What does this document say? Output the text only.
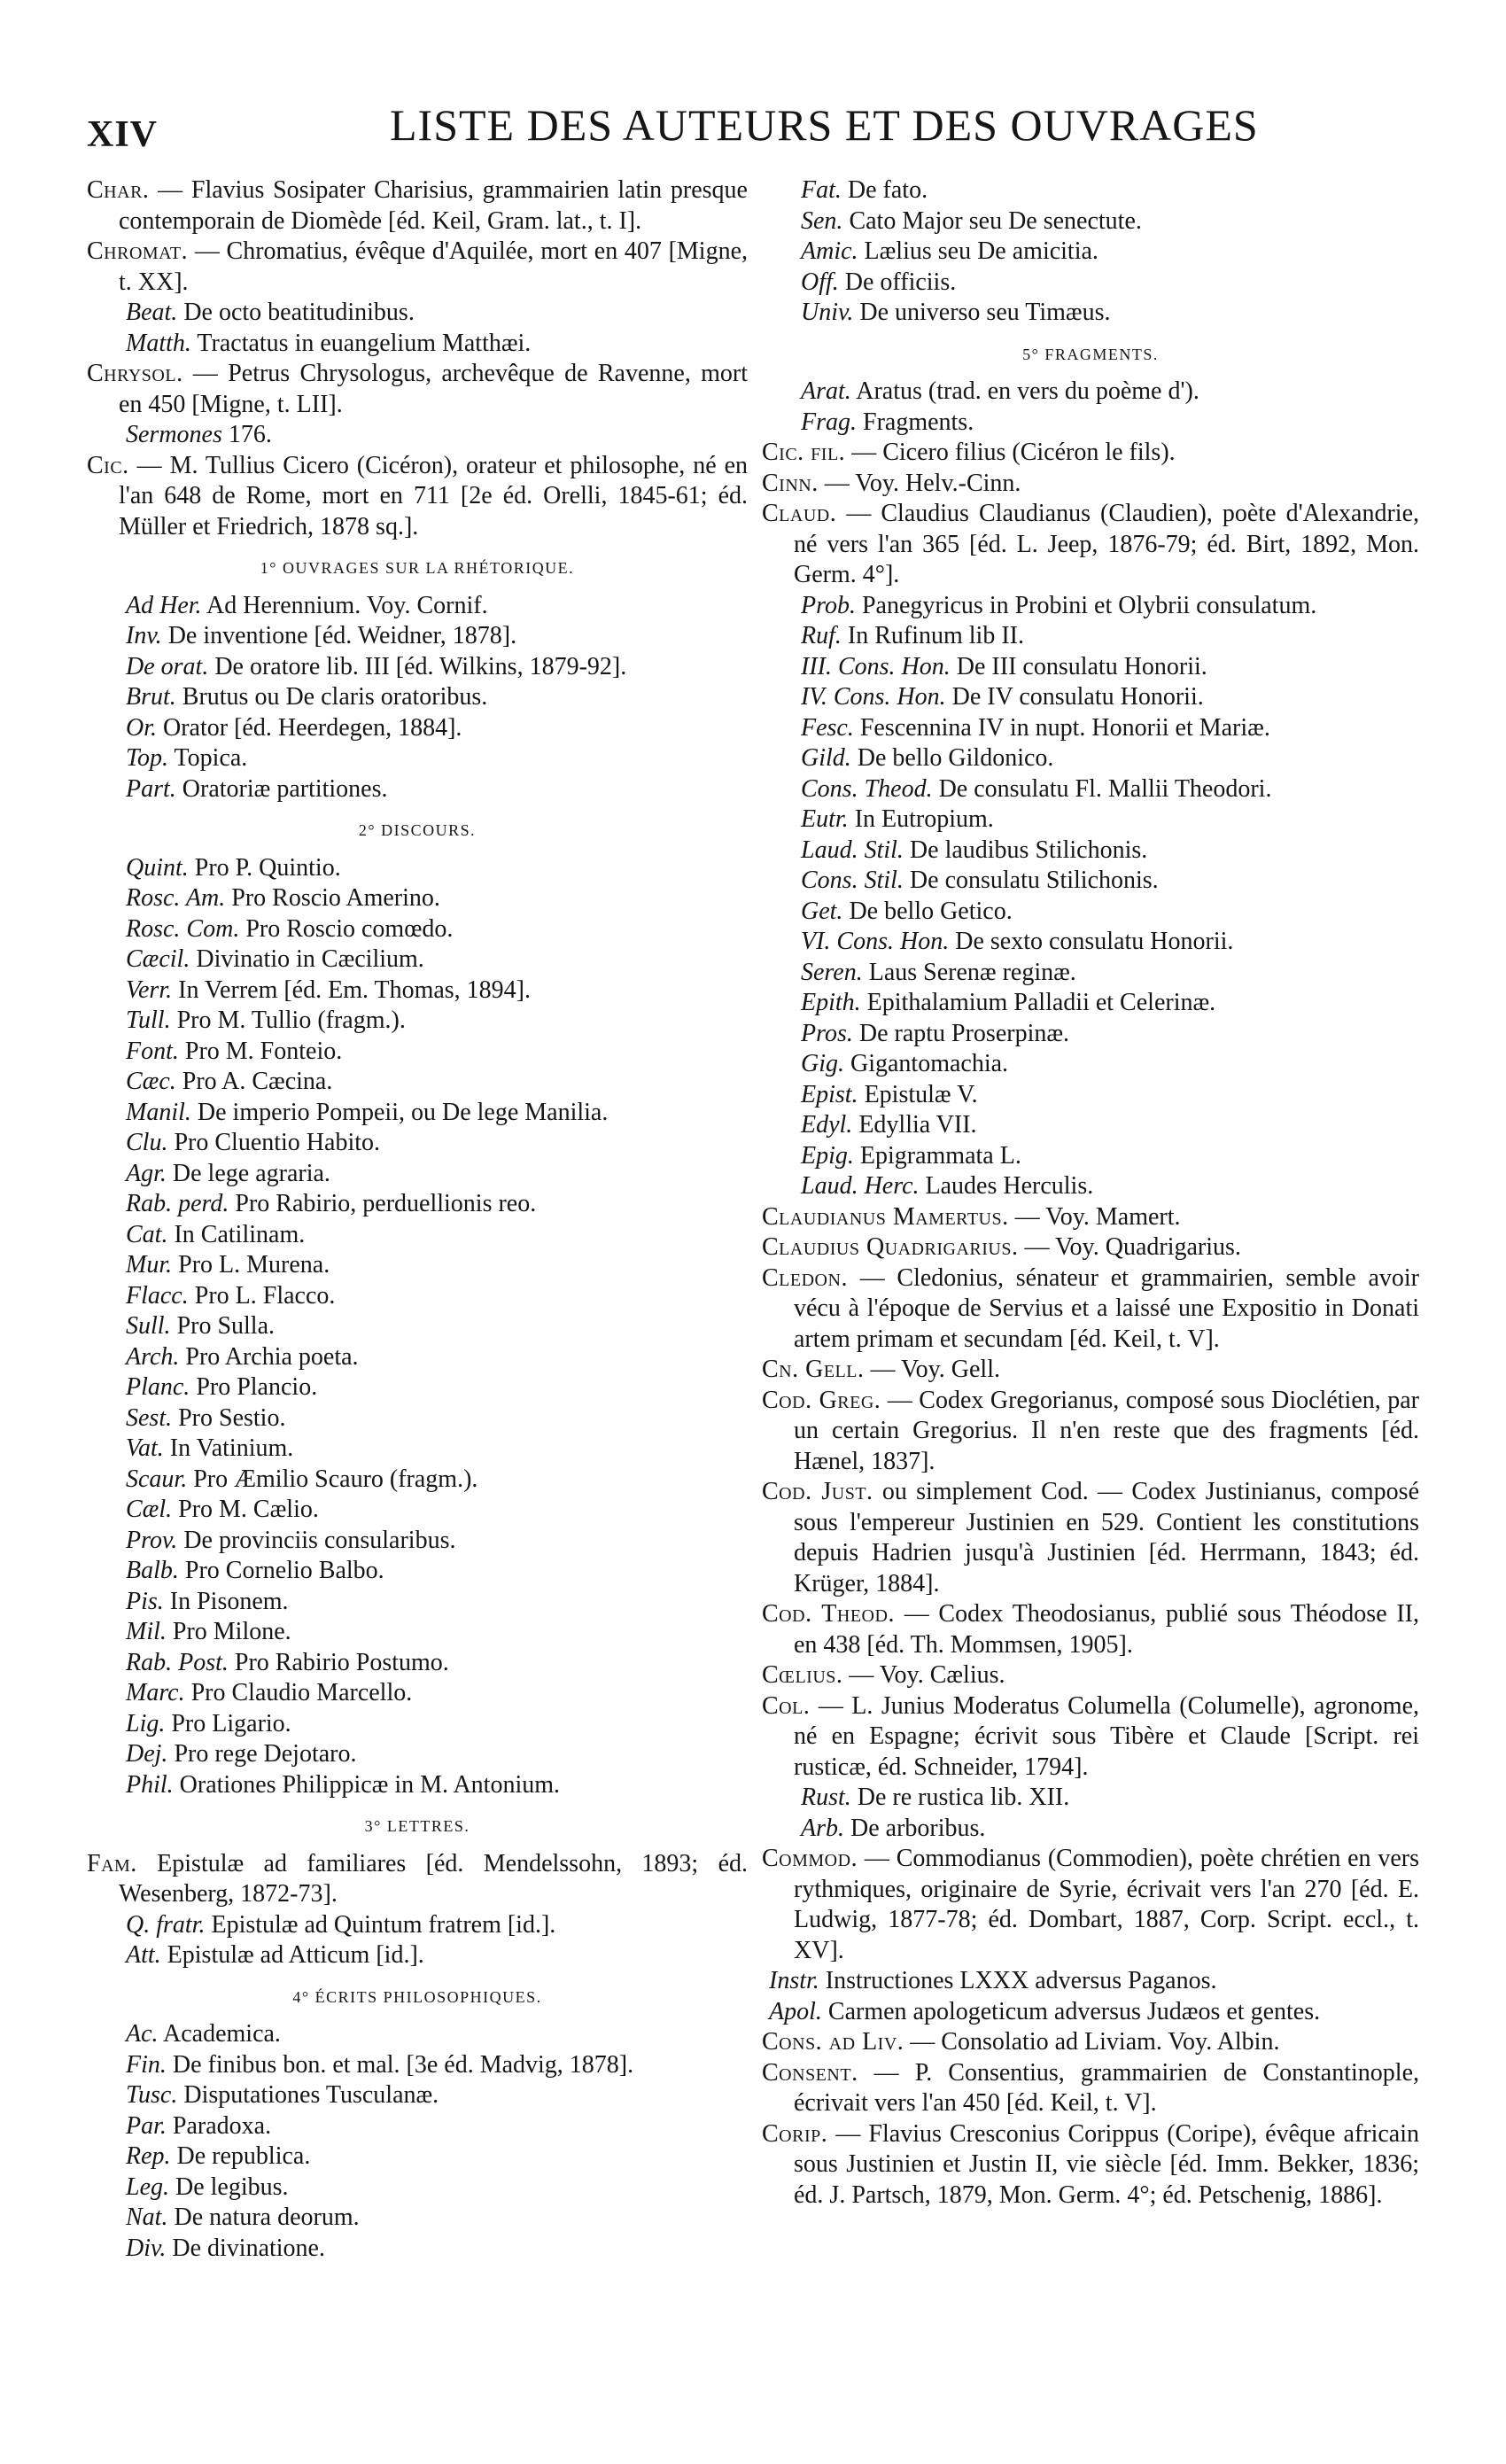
XIV	LISTE DES AUTEURS ET DES OUVRAGES
Char. — Flavius Sosipater Charisius, grammairien latin presque contemporain de Diomède [éd. Keil, Gram. lat., t. I].
Chromat. — Chromatius, évêque d'Aquilée, mort en 407 [Migne, t. XX].
Beat. De octo beatitudinibus.
Matth. Tractatus in euangelium Matthæi.
Chrysol. — Petrus Chrysologus, archevêque de Ravenne, mort en 450 [Migne, t. LII].
Sermones 176.
Cic. — M. Tullius Cicero (Cicéron), orateur et philosophe, né en l'an 648 de Rome, mort en 711 [2e éd. Orelli, 1845-61; éd. Müller et Friedrich, 1878 sq.].
1° OUVRAGES SUR LA RHÉTORIQUE.
Ad Her. Ad Herennium. Voy. Cornif.
Inv. De inventione [éd. Weidner, 1878].
De orat. De oratore lib. III [éd. Wilkins, 1879-92].
Brut. Brutus ou De claris oratoribus.
Or. Orator [éd. Heerdegen, 1884].
Top. Topica.
Part. Oratoriæ partitiones.
2° DISCOURS.
Quint. Pro P. Quintio.
Rosc. Am. Pro Roscio Amerino.
Rosc. Com. Pro Roscio comœdo.
Cæcil. Divinatio in Cæcilium.
Verr. In Verrem [éd. Em. Thomas, 1894].
Tull. Pro M. Tullio (fragm.).
Font. Pro M. Fonteio.
Cæc. Pro A. Cæcina.
Manil. De imperio Pompeii, ou De lege Manilia.
Clu. Pro Cluentio Habito.
Agr. De lege agraria.
Rab. perd. Pro Rabirio, perduellionis reo.
Cat. In Catilinam.
Mur. Pro L. Murena.
Flacc. Pro L. Flacco.
Sull. Pro Sulla.
Arch. Pro Archia poeta.
Planc. Pro Plancio.
Sest. Pro Sestio.
Vat. In Vatinium.
Scaur. Pro Æmilio Scauro (fragm.).
Cæl. Pro M. Cælio.
Prov. De provinciis consularibus.
Balb. Pro Cornelio Balbo.
Pis. In Pisonem.
Mil. Pro Milone.
Rab. Post. Pro Rabirio Postumo.
Marc. Pro Claudio Marcello.
Lig. Pro Ligario.
Dej. Pro rege Dejotaro.
Phil. Orationes Philippicæ in M. Antonium.
3° LETTRES.
Fam. Epistulæ ad familiares [éd. Mendelssohn, 1893; éd. Wesenberg, 1872-73].
Q. fratr. Epistulæ ad Quintum fratrem [id.].
Att. Epistulæ ad Atticum [id.].
4° ÉCRITS PHILOSOPHIQUES.
Ac. Academica.
Fin. De finibus bon. et mal. [3e éd. Madvig, 1878].
Tusc. Disputationes Tusculanæ.
Par. Paradoxa.
Rep. De republica.
Leg. De legibus.
Nat. De natura deorum.
Div. De divinatione.
Fat. De fato.
Sen. Cato Major seu De senectute.
Amic. Lælius seu De amicitia.
Off. De officiis.
Univ. De universo seu Timæus.
5° FRAGMENTS.
Arat. Aratus (trad. en vers du poème d').
Frag. Fragments.
Cic. fil. — Cicero filius (Cicéron le fils).
Cinn. — Voy. Helv.-Cinn.
Claud. — Claudius Claudianus (Claudien), poète d'Alexandrie, né vers l'an 365 [éd. L. Jeep, 1876-79; éd. Birt, 1892, Mon. Germ. 4°].
Prob. Panegyricus in Probini et Olybrii consulatum.
Ruf. In Rufinum lib II.
III. Cons. Hon. De III consulatu Honorii.
IV. Cons. Hon. De IV consulatu Honorii.
Fesc. Fescennina IV in nupt. Honorii et Mariæ.
Gild. De bello Gildonico.
Cons. Theod. De consulatu Fl. Mallii Theodori.
Eutr. In Eutropium.
Laud. Stil. De laudibus Stilichonis.
Cons. Stil. De consulatu Stilichonis.
Get. De bello Getico.
VI. Cons. Hon. De sexto consulatu Honorii.
Seren. Laus Serenæ reginæ.
Epith. Epithalamium Palladii et Celerinæ.
Pros. De raptu Proserpinæ.
Gig. Gigantomachia.
Epist. Epistulæ V.
Edyl. Edyllia VII.
Epig. Epigrammata L.
Laud. Herc. Laudes Herculis.
Claudianus Mamertus. — Voy. Mamert.
Claudius Quadrigarius. — Voy. Quadrigarius.
Cledon. — Cledonius, sénateur et grammairien, semble avoir vécu à l'époque de Servius et a laissé une Expositio in Donati artem primam et secundam [éd. Keil, t. V].
Cn. Gell. — Voy. Gell.
Cod. Greg. — Codex Gregorianus, composé sous Dioclétien, par un certain Gregorius. Il n'en reste que des fragments [éd. Hænel, 1837].
Cod. Just. ou simplement Cod. — Codex Justinianus, composé sous l'empereur Justinien en 529. Contient les constitutions depuis Hadrien jusqu'à Justinien [éd. Herrmann, 1843; éd. Krüger, 1884].
Cod. Theod. — Codex Theodosianus, publié sous Théodose II, en 438 [éd. Th. Mommsen, 1905].
Cœlius. — Voy. Cælius.
Col. — L. Junius Moderatus Columella (Columelle), agronome, né en Espagne; écrivit sous Tibère et Claude [Script. rei rusticæ, éd. Schneider, 1794].
Rust. De re rustica lib. XII.
Arb. De arboribus.
Commod. — Commodianus (Commodien), poète chrétien en vers rythmiques, originaire de Syrie, écrivait vers l'an 270 [éd. E. Ludwig, 1877-78; éd. Dombart, 1887, Corp. Script. eccl., t. XV].
Instr. Instructiones LXXX adversus Paganos.
Apol. Carmen apologeticum adversus Judæos et gentes.
Cons. ad Liv. — Consolatio ad Liviam. Voy. Albin.
Consent. — P. Consentius, grammairien de Constantinople, écrivait vers l'an 450 [éd. Keil, t. V].
Corip. — Flavius Cresconius Corippus (Coripe), évêque africain sous Justinien et Justin II, vie siècle [éd. Imm. Bekker, 1836; éd. J. Partsch, 1879, Mon. Germ. 4°; éd. Petschenig, 1886].
